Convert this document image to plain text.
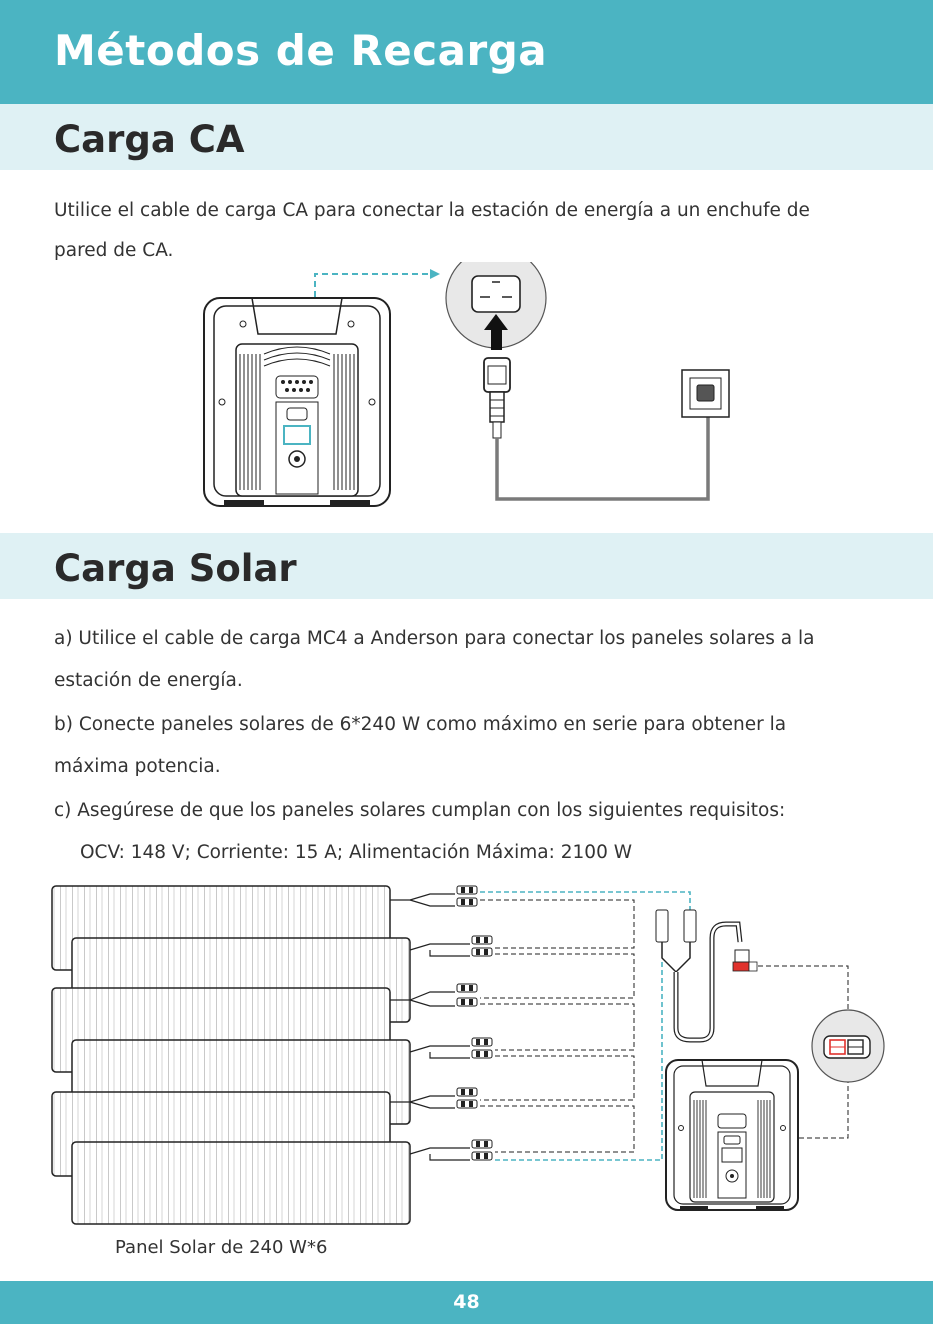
Métodos de Recarga
Carga CA
Utilice el cable de carga CA para conectar la estación de energía a un enchufe de
pared de CA.
Carga Solar
a) Utilice el cable de carga MC4 a Anderson para conectar los paneles solares a la
estación de energía.
b) Conecte paneles solares de 6*240 W como máximo en serie para obtener la
máxima potencia.
c) Asegúrese de que los paneles solares cumplan con los siguientes requisitos:
OCV: 148 V; Corriente: 15 A; Alimentación Máxima: 2100 W
Panel Solar de 240 W*6
48
